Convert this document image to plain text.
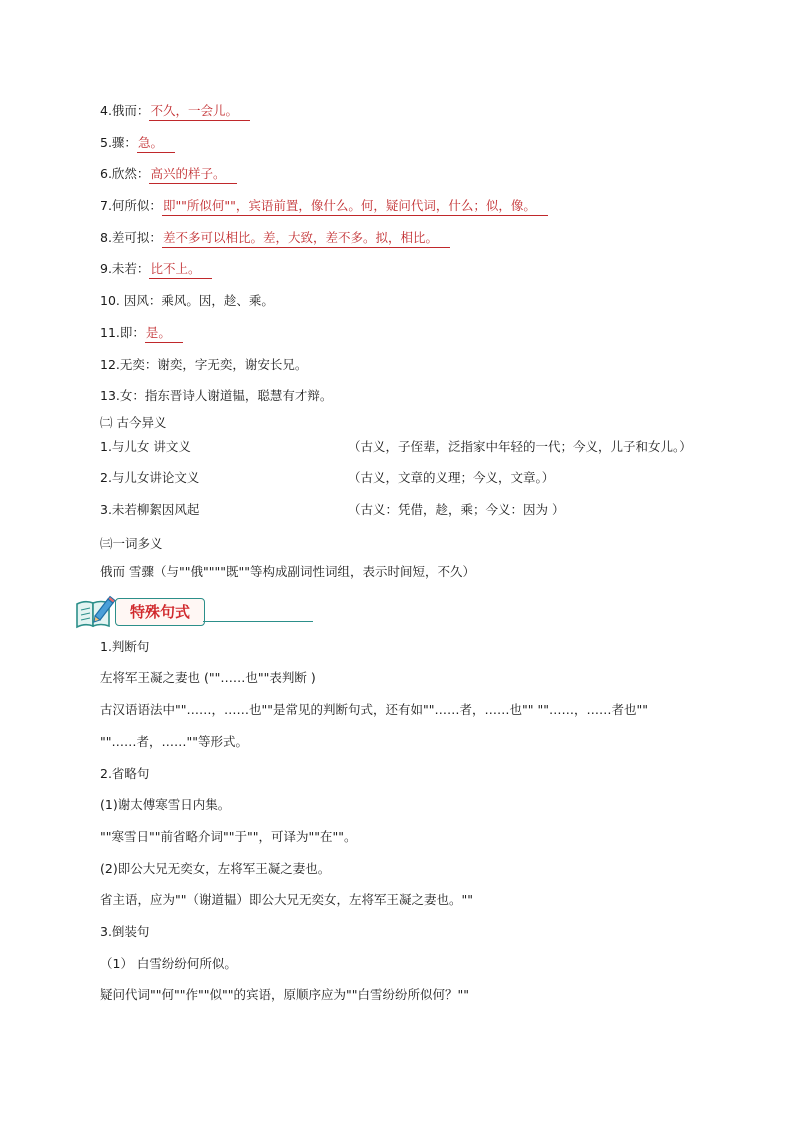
4.俄而：不久，一会儿。
5.骤：急。
6.欣然：高兴的样子。
7.何所似：即""所似何""，宾语前置，像什么。何，疑问代词，什么；似，像。
8.差可拟：差不多可以相比。差，大致，差不多。拟，相比。
9.未若：比不上。
10. 因风：乘风。因，趁、乘。
11.即：是。
12.无奕：谢奕，字无奕，谢安长兄。
13.女：指东晋诗人谢道韫，聪慧有才辩。
㈡ 古今异义
1.与儿女 讲文义	（古义，子侄辈，泛指家中年轻的一代；今义，儿子和女儿。）
2.与儿女讲论文义	（古义，文章的义理；今义，文章。）
3.未若柳絮因风起	（古义：凭借，趁，乘；今义：因为 ）
㈢一词多义
俄而 雪骤（与""俄""""既""等构成副词性词组，表示时间短，不久）
特殊句式
1.判断句
左将军王凝之妻也 (""……也""表判断 )
古汉语语法中""……，……也""是常见的判断句式，还有如""……者，……也"" ""……，……者也""
""……者，……""等形式。
2.省略句
(1)谢太傅寒雪日内集。
""寒雪日""前省略介词""于""，可译为""在""。
(2)即公大兄无奕女，左将军王凝之妻也。
省主语，应为""（谢道韫）即公大兄无奕女，左将军王凝之妻也。""
3.倒装句
（1） 白雪纷纷何所似。
疑问代词""何""作""似""的宾语，原顺序应为""白雪纷纷所似何？""
